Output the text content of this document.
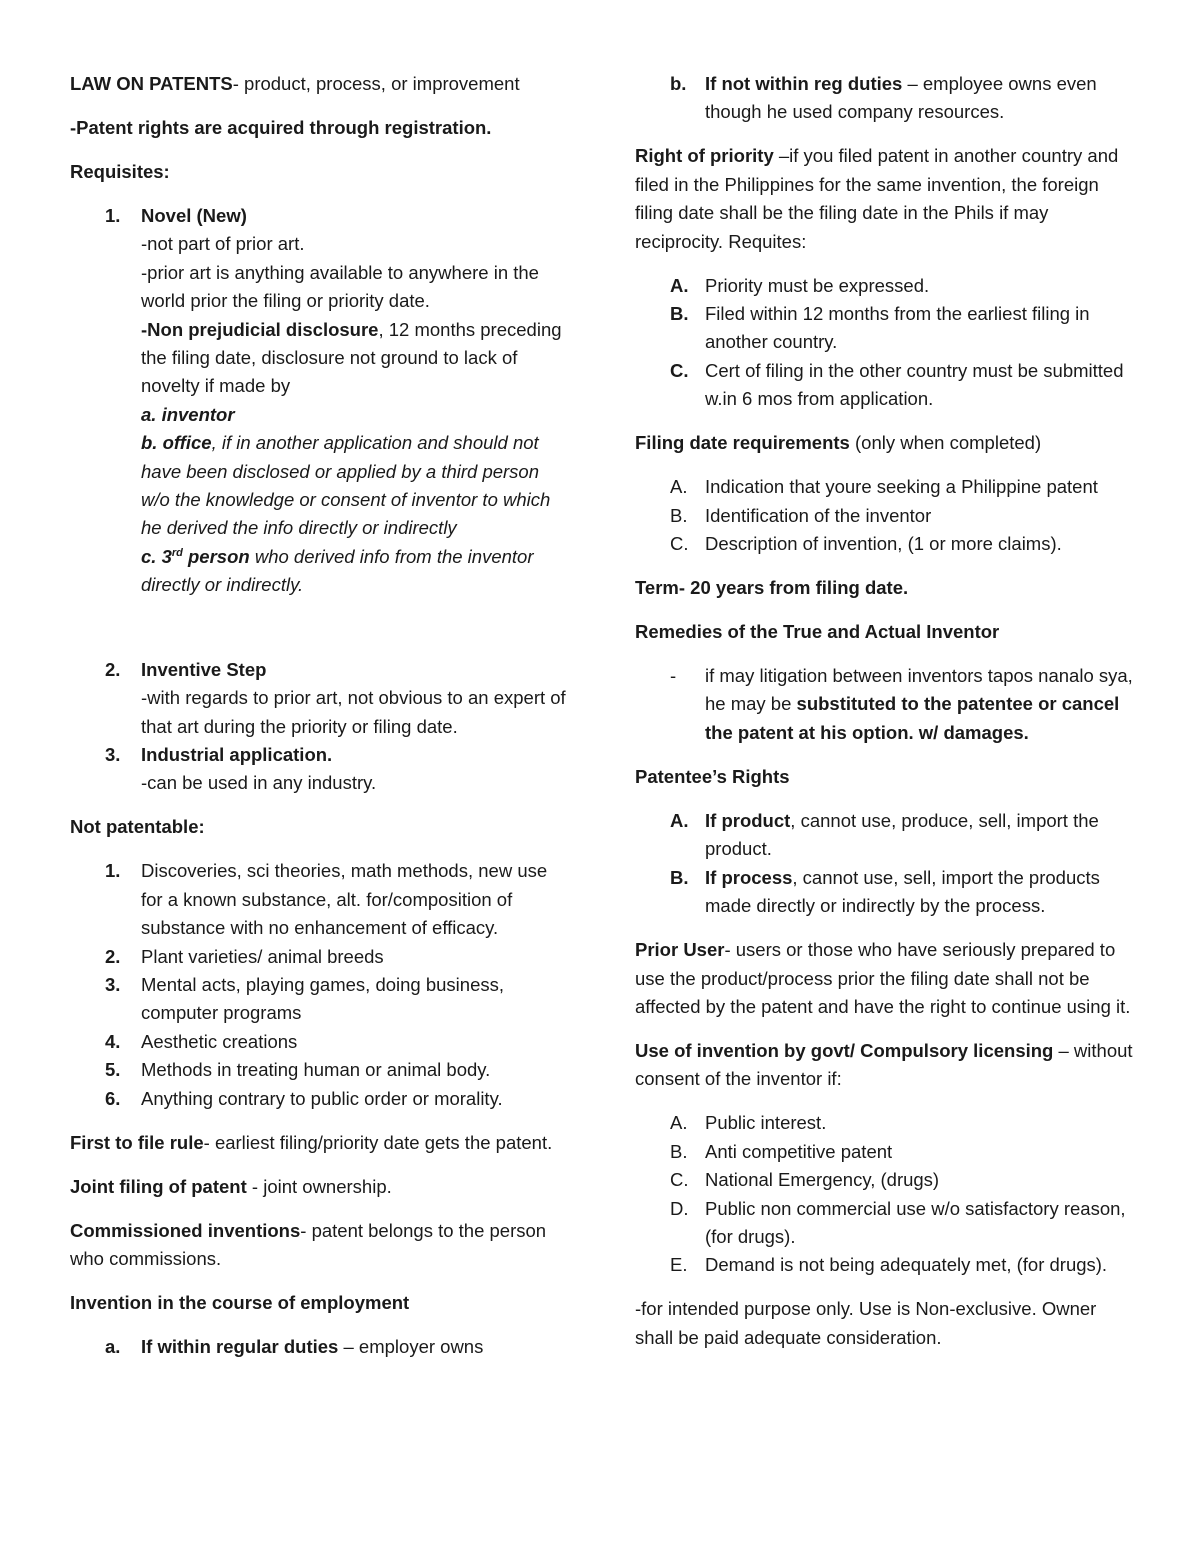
LAW ON PATENTS- product, process, or improvement

-Patent rights are acquired through registration.

Requisites:

1. Novel (New)
-not part of prior art.
-prior art is anything available to anywhere in the world prior the filing or priority date.
-Non prejudicial disclosure, 12 months preceding the filing date, disclosure not ground to lack of novelty if made by
a. inventor
b. office, if in another application and should not have been disclosed or applied by a third person w/o the knowledge or consent of inventor to which he derived the info directly or indirectly
c. 3rd person who derived info from the inventor directly or indirectly.
2. Inventive Step
-with regards to prior art, not obvious to an expert of that art during the priority or filing date.
3. Industrial application.
-can be used in any industry.

Not patentable:

1. Discoveries, sci theories, math methods, new use for a known substance, alt. for/composition of substance with no enhancement of efficacy.
2. Plant varieties/ animal breeds
3. Mental acts, playing games, doing business, computer programs
4. Aesthetic creations
5. Methods in treating human or animal body.
6. Anything contrary to public order or morality.

First to file rule- earliest filing/priority date gets the patent.

Joint filing of patent - joint ownership.

Commissioned inventions- patent belongs to the person who commissions.

Invention in the course of employment

a. If within regular duties – employer owns
b. If not within reg duties – employee owns even though he used company resources.

Right of priority –if you filed patent in another country and filed in the Philippines for the same invention, the foreign filing date shall be the filing date in the Phils if may reciprocity. Requites:

A. Priority must be expressed.
B. Filed within 12 months from the earliest filing in another country.
C. Cert of filing in the other country must be submitted w.in 6 mos from application.

Filing date requirements (only when completed)

A. Indication that youre seeking a Philippine patent
B. Identification of the inventor
C. Description of invention, (1 or more claims).

Term- 20 years from filing date.

Remedies of the True and Actual Inventor

- if may litigation between inventors tapos nanalo sya, he may be substituted to the patentee or cancel the patent at his option. w/ damages.

Patentee’s Rights

A. If product, cannot use, produce, sell, import the product.
B. If process, cannot use, sell, import the products made directly or indirectly by the process.

Prior User- users or those who have seriously prepared to use the product/process prior the filing date shall not be affected by the patent and have the right to continue using it.

Use of invention by govt/ Compulsory licensing – without consent of the inventor if:

A. Public interest.
B. Anti competitive patent
C. National Emergency, (drugs)
D. Public non commercial use w/o satisfactory reason, (for drugs).
E. Demand is not being adequately met, (for drugs).

-for intended purpose only. Use is Non-exclusive. Owner shall be paid adequate consideration.
